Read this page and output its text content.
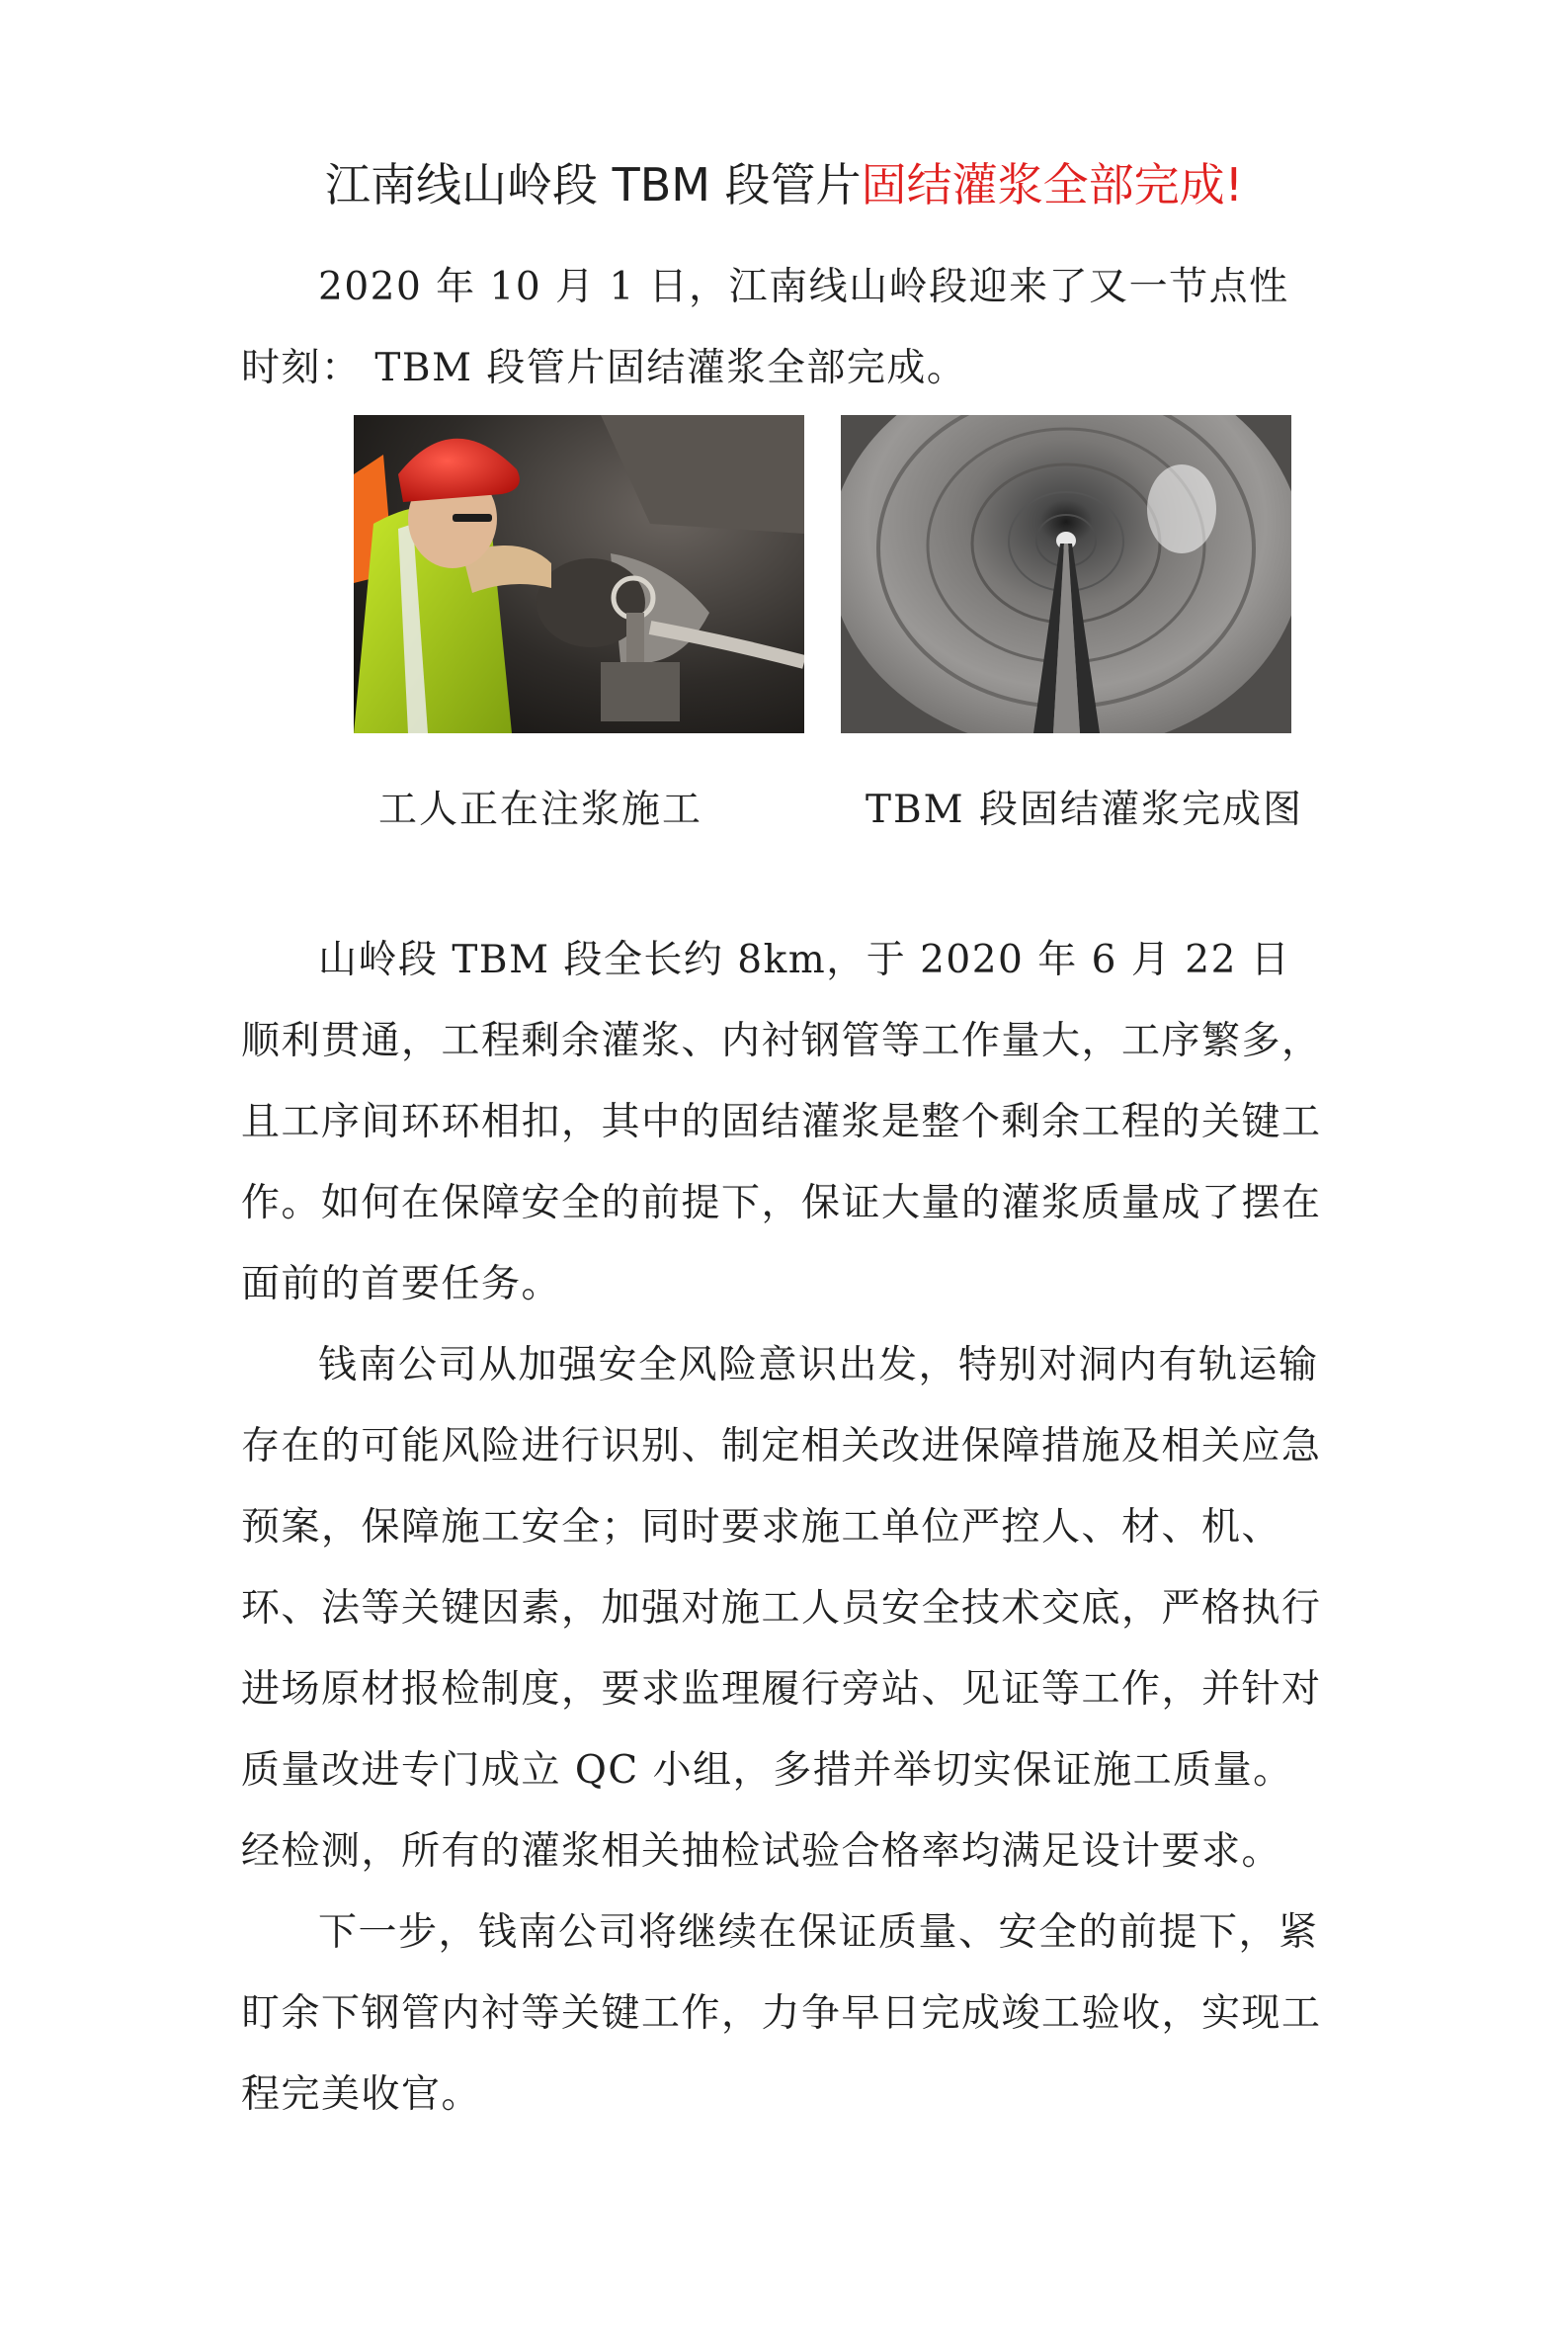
江南线山岭段 TBM 段管片固结灌浆全部完成!

2020 年 10 月 1 日，江南线山岭段迎来了又一节点性时刻： TBM 段管片固结灌浆全部完成。

工人正在注浆施工	TBM 段固结灌浆完成图

山岭段 TBM 段全长约 8km，于 2020 年 6 月 22 日顺利贯通，工程剩余灌浆、内衬钢管等工作量大，工序繁多，且工序间环环相扣，其中的固结灌浆是整个剩余工程的关键工作。如何在保障安全的前提下，保证大量的灌浆质量成了摆在面前的首要任务。

钱南公司从加强安全风险意识出发，特别对洞内有轨运输存在的可能风险进行识别、制定相关改进保障措施及相关应急预案，保障施工安全；同时要求施工单位严控人、材、机、环、法等关键因素，加强对施工人员安全技术交底，严格执行进场原材报检制度，要求监理履行旁站、见证等工作，并针对质量改进专门成立 QC 小组，多措并举切实保证施工质量。经检测，所有的灌浆相关抽检试验合格率均满足设计要求。

下一步，钱南公司将继续在保证质量、安全的前提下，紧盯余下钢管内衬等关键工作，力争早日完成竣工验收，实现工程完美收官。
